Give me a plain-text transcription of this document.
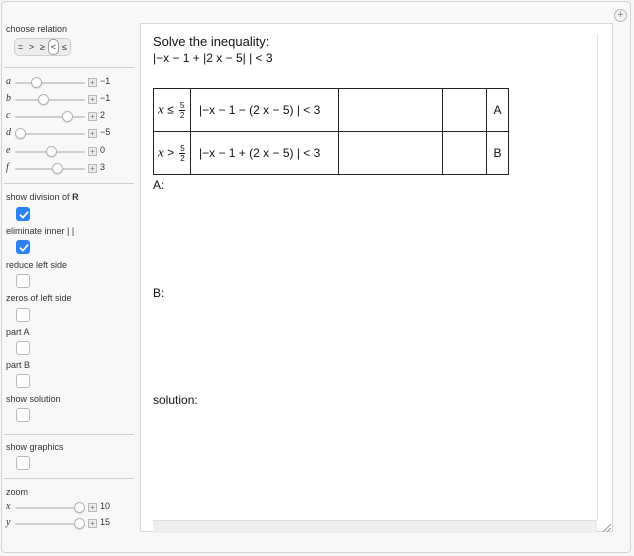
+
choose relation
= > ≥ < ≤
a	+ −1
b	+ −1
c	+ 2
d	+ −5
e	+ 0
f	+ 3
show division of R
eliminate inner | |
reduce left side
zeros of left side
part A
part B
show solution
show graphics
zoom
x	+ 10
y	+ 15
Solve the inequality:
|−x − 1 + |2 x − 5| | < 3
$x \le \frac{5}{2}$	|−x − 1 − (2 x − 5) | < 3			A
$x > \frac{5}{2}$	|−x − 1 + (2 x − 5) | < 3			B
A:
B:
solution:
